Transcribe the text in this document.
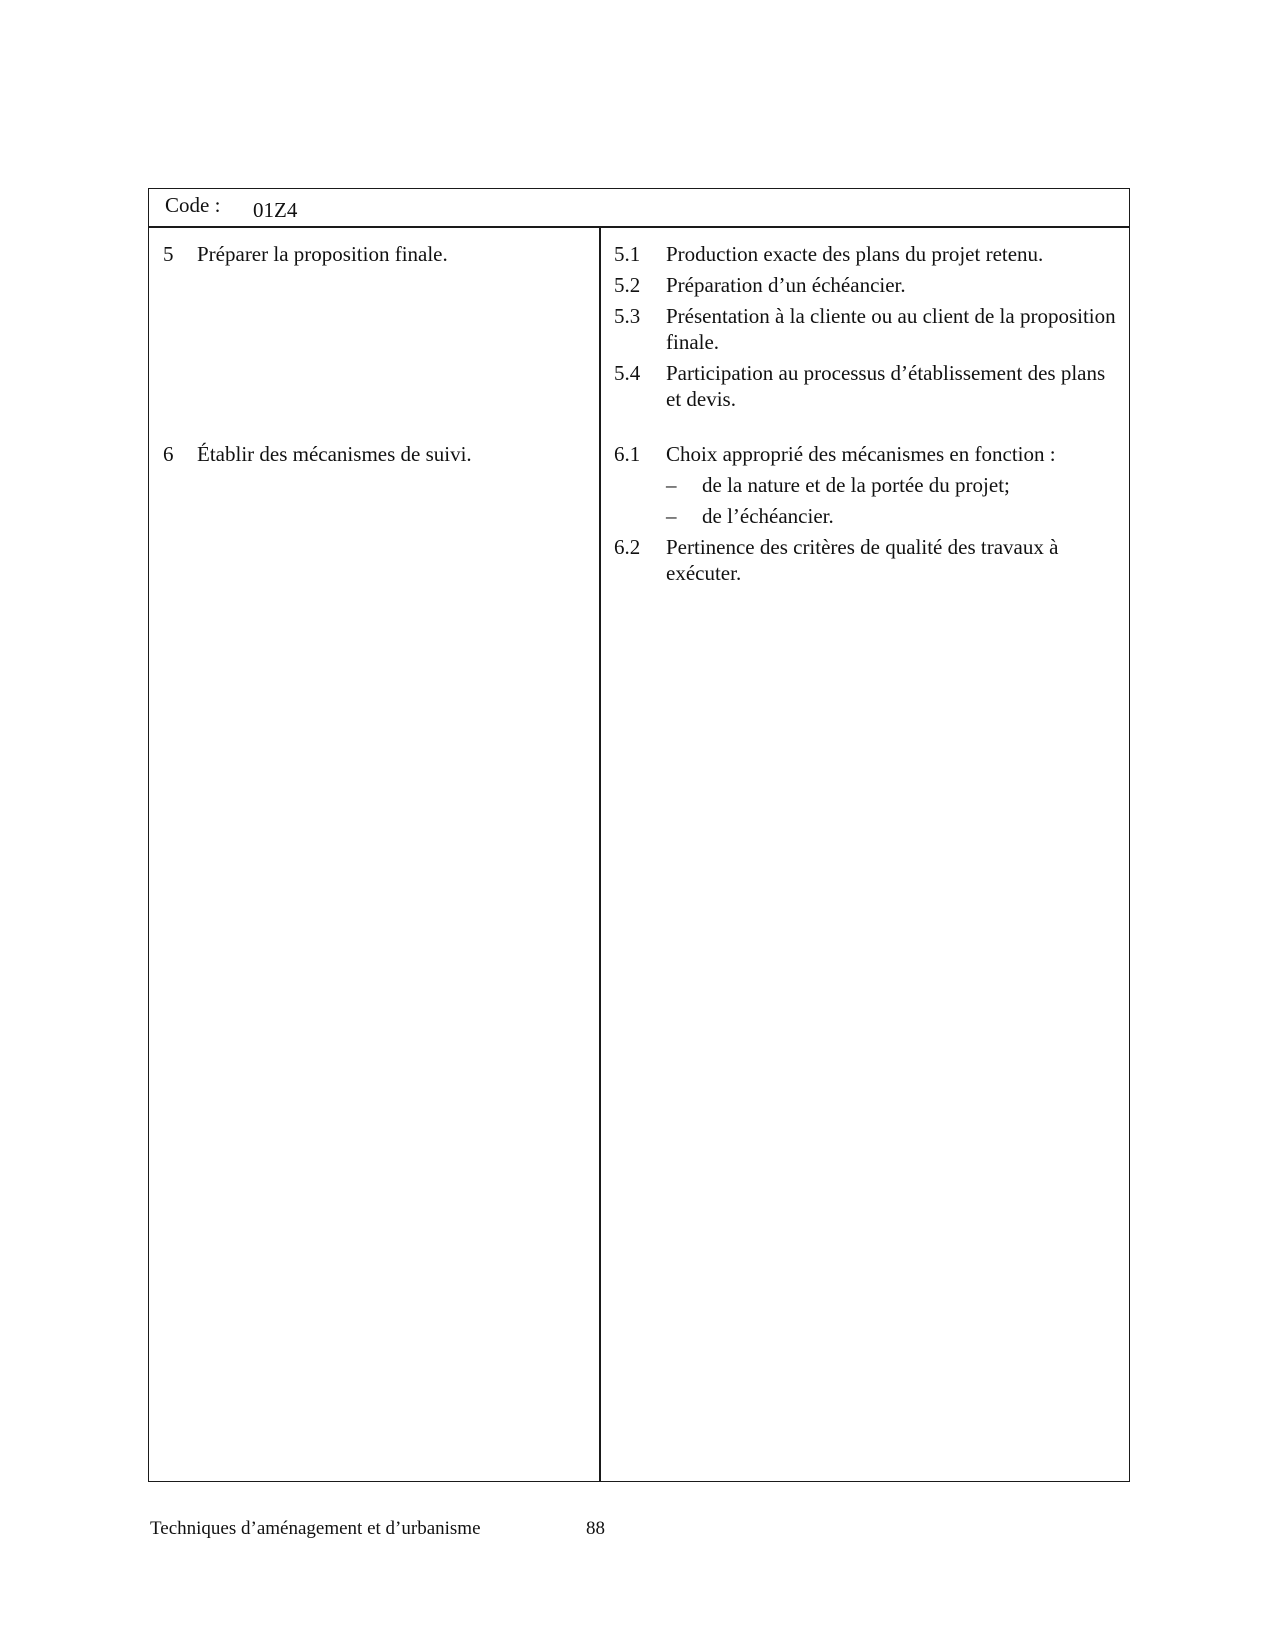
Code : 01Z4
5 Préparer la proposition finale.	5.1 Production exacte des plans du projet retenu.
5.2 Préparation d’un échéancier.
5.3 Présentation à la cliente ou au client de la proposition finale.
5.4 Participation au processus d’établissement des plans et devis.
6 Établir des mécanismes de suivi.	6.1 Choix approprié des mécanismes en fonction :
– de la nature et de la portée du projet;
– de l’échéancier.
6.2 Pertinence des critères de qualité des travaux à exécuter.
Techniques d’aménagement et d’urbanisme	88
